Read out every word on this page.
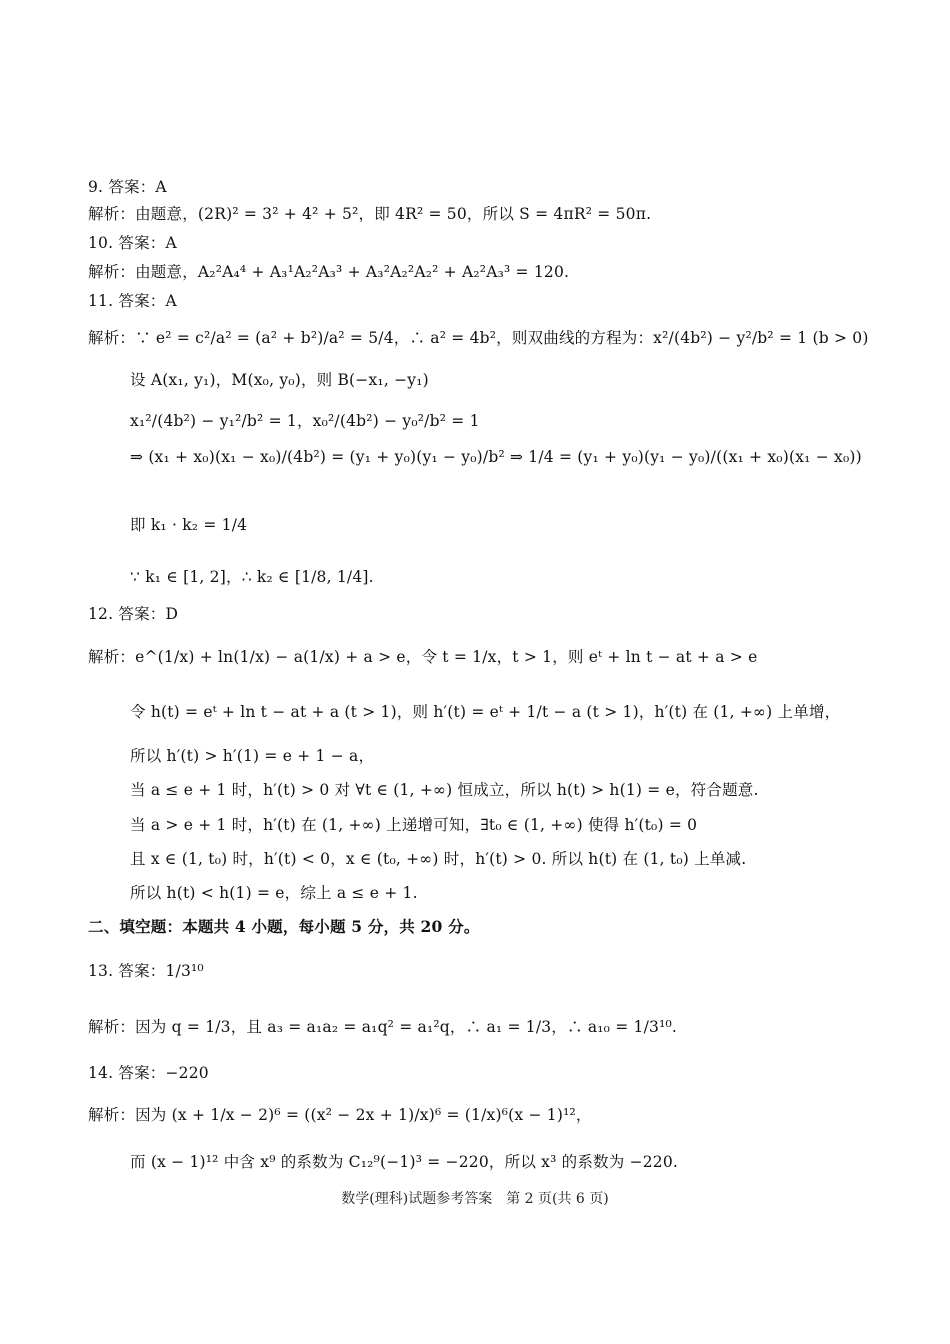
9. 答案：A
解析：由题意，(2R)² = 3² + 4² + 5²，即 4R² = 50，所以 S = 4πR² = 50π.
10. 答案：A
解析：由题意，A₂²A₄⁴ + A₃¹A₂²A₃³ + A₃²A₂²A₂² + A₂²A₃³ = 120.
11. 答案：A
解析：∵ e² = c²/a² = (a² + b²)/a² = 5/4，∴ a² = 4b²，则双曲线的方程为：x²/(4b²) − y²/b² = 1 (b > 0)
设 A(x₁, y₁)，M(x₀, y₀)，则 B(−x₁, −y₁)
x₁²/(4b²) − y₁²/b² = 1，x₀²/(4b²) − y₀²/b² = 1
⇒ (x₁ + x₀)(x₁ − x₀)/(4b²) = (y₁ + y₀)(y₁ − y₀)/b² ⇒ 1/4 = (y₁ + y₀)(y₁ − y₀)/((x₁ + x₀)(x₁ − x₀))
即 k₁ · k₂ = 1/4
∵ k₁ ∈ [1, 2]，∴ k₂ ∈ [1/8, 1/4].
12. 答案：D
解析：e^(1/x) + ln(1/x) − a(1/x) + a > e，令 t = 1/x，t > 1，则 eᵗ + ln t − at + a > e
令 h(t) = eᵗ + ln t − at + a (t > 1)，则 h′(t) = eᵗ + 1/t − a (t > 1)，h′(t) 在 (1, +∞) 上单增，
所以 h′(t) > h′(1) = e + 1 − a，
当 a ≤ e + 1 时，h′(t) > 0 对 ∀t ∈ (1, +∞) 恒成立，所以 h(t) > h(1) = e，符合题意.
当 a > e + 1 时，h′(t) 在 (1, +∞) 上递增可知，∃t₀ ∈ (1, +∞) 使得 h′(t₀) = 0
且 x ∈ (1, t₀) 时，h′(t) < 0，x ∈ (t₀, +∞) 时，h′(t) > 0. 所以 h(t) 在 (1, t₀) 上单减.
所以 h(t) < h(1) = e，综上 a ≤ e + 1.
二、填空题：本题共 4 小题，每小题 5 分，共 20 分。
13. 答案：1/3¹⁰
解析：因为 q = 1/3，且 a₃ = a₁a₂ = a₁q² = a₁²q，∴ a₁ = 1/3，∴ a₁₀ = 1/3¹⁰.
14. 答案：−220
解析：因为 (x + 1/x − 2)⁶ = ((x² − 2x + 1)/x)⁶ = (1/x)⁶(x − 1)¹²，
而 (x − 1)¹² 中含 x⁹ 的系数为 C₁₂⁹(−1)³ = −220，所以 x³ 的系数为 −220.
数学(理科)试题参考答案　第 2 页(共 6 页)
